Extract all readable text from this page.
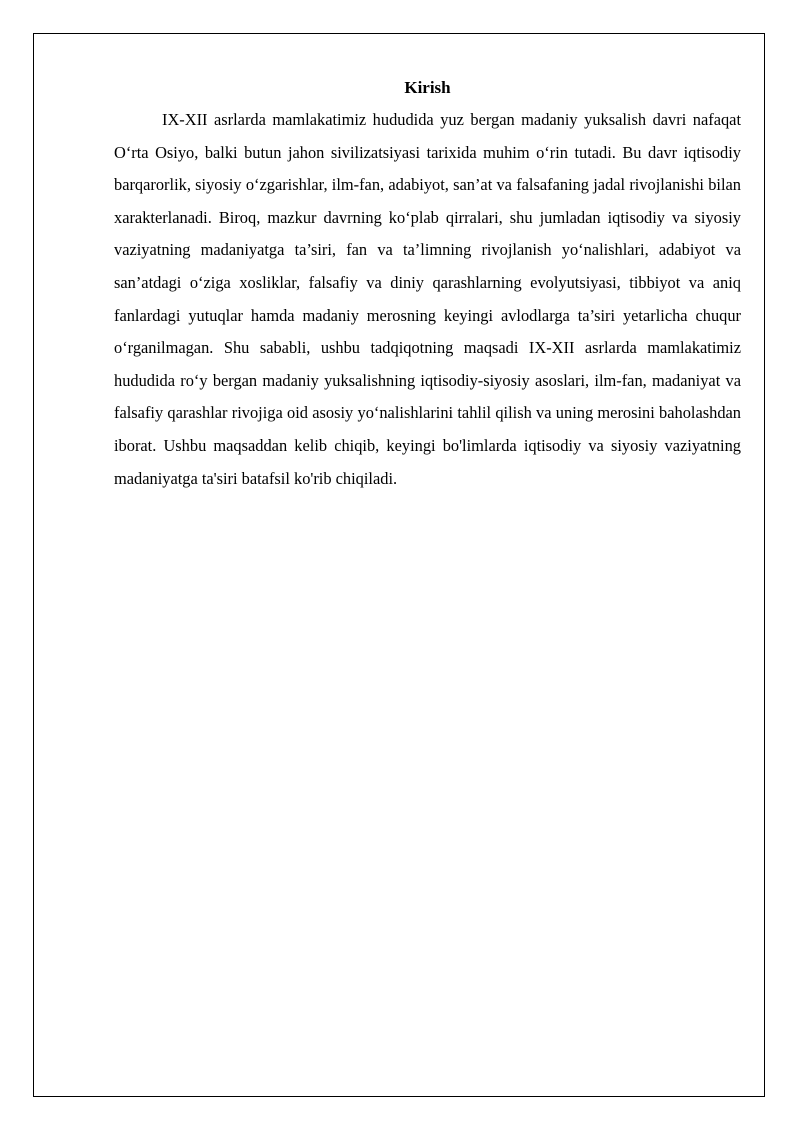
Kirish

IX-XII asrlarda mamlakatimiz hududida yuz bergan madaniy yuksalish davri nafaqat O‘rta Osiyo, balki butun jahon sivilizatsiyasi tarixida muhim o‘rin tutadi. Bu davr iqtisodiy barqarorlik, siyosiy o‘zgarishlar, ilm-fan, adabiyot, san’at va falsafaning jadal rivojlanishi bilan xarakterlanadi. Biroq, mazkur davrning ko‘plab qirralari, shu jumladan iqtisodiy va siyosiy vaziyatning madaniyatga ta’siri, fan va ta’limning rivojlanish yo‘nalishlari, adabiyot va san’atdagi o‘ziga xosliklar, falsafiy va diniy qarashlarning evolyutsiyasi, tibbiyot va aniq fanlardagi yutuqlar hamda madaniy merosning keyingi avlodlarga ta’siri yetarlicha chuqur o‘rganilmagan. Shu sababli, ushbu tadqiqotning maqsadi IX-XII asrlarda mamlakatimiz hududida ro‘y bergan madaniy yuksalishning iqtisodiy-siyosiy asoslari, ilm-fan, madaniyat va falsafiy qarashlar rivojiga oid asosiy yo‘nalishlarini tahlil qilish va uning merosini baholashdan iborat. Ushbu maqsaddan kelib chiqib, keyingi bo'limlarda iqtisodiy va siyosiy vaziyatning madaniyatga ta'siri batafsil ko'rib chiqiladi.
